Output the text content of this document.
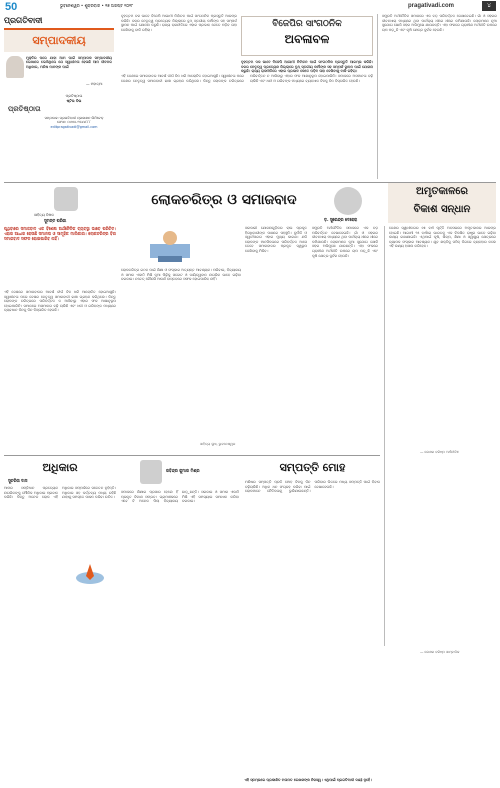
50	ଭୁବନେଶ୍ୱର • ଶୁକ୍ରବାର • ୧୭ ଅଗଷ୍ଟ ୨୦୧୮	pragativadi.com	୪
ପ୍ରଗତିବାଦୀ
ସମ୍ପାଦକୀୟ
ମୁକ୍ତିର ପରେ ଯାହା ଆମ ପାଇଁ ସମ୍ପାଦକ ସମ୍ପାଦକୀୟ ଲେଖାରେ ଲେଖିଥିଲେ ଯେ ସ୍ୱାଧୀନତା ହେଉଛି ଆମ ଜୀବନର ଅଧିକାର, ମଣିଷ ମାନଙ୍କ ପାଇଁ
— ମହାତ୍ମା
ପ୍ରତିଷ୍ଠାତା
ଷ୍ଟିଭ ଡିଭ
ପ୍ରତିଷ୍ଠାତା
ସମ୍ପାଦକ: ପ୍ରଗତିବାଦୀ ପ୍ରକାଶନ ଲିମିଟେଡ଼
ଫୋନ: ୦୬୭୪-୨୫୪୪୮୮୮
editpragativadi@gmail.com
ବୃହତ୍ତମ ଦଳ ଭାବେ ବିଜେପି ଆଗାମୀ ନିର୍ବାଚନ ପାଇଁ ସାଂଗଠନିକ ପ୍ରସ୍ତୁତି ଆରମ୍ଭ କରିଛି। ଦଳର ନେତୃତ୍ୱ ପ୍ରତ୍ୟେକ ଜିଲ୍ଲାରେ ବୁଥ୍ ସ୍ତରୀୟ କର୍ମୀଙ୍କ ସହ ସମ୍ପର୍କ ସ୍ଥାପନ ପାଇଁ ଯୋଜନା କରୁଛି। ରାଜ୍ୟ ରାଜନୀତିରେ ଏହାର ପ୍ରଭାବ କେତେ ପଡ଼ିବ ତାହା ଦେଖିବାକୁ ବାକି ରହିଲା।
ବିଜେପିର ସାଂଗଠନିକ
ଅବଳାବଳ
ବୃହତ୍ତମ ଦଳ ଭାବେ ବିଜେପି ଆଗାମୀ ନିର୍ବାଚନ ପାଇଁ ସାଂଗଠନିକ ପ୍ରସ୍ତୁତି ଆରମ୍ଭ କରିଛି। ଦଳର ନେତୃତ୍ୱ ପ୍ରତ୍ୟେକ ଜିଲ୍ଲାରେ ବୁଥ୍ ସ୍ତରୀୟ କର୍ମୀଙ୍କ ସହ ସମ୍ପର୍କ ସ୍ଥାପନ ପାଇଁ ଯୋଜନା କରୁଛି। ରାଜ୍ୟ ରାଜନୀତିରେ ଏହାର ପ୍ରଭାବ କେତେ ପଡ଼ିବ ତାହା ଦେଖିବାକୁ ବାକି ରହିଲା।
ଏହି ଦେଶରେ ସମାଜବାଦର ଆଦର୍ଶ ଦୀର୍ଘ ଦିନ ଧରି ଆଲୋଚିତ ହୋଇଆସୁଛି। ସ୍ୱାଧୀନତା ପରେ ଦେଶର ନେତୃତ୍ୱ ସମାଜବାଦୀ ଢାଞ୍ଚା ଗ୍ରହଣ କରିଥିଲେ। କିନ୍ତୁ ଲୋକଙ୍କ ଚରିତ୍ରରେ ପରିବର୍ତ୍ତନ ନ ଆସିବାରୁ ଏହାର ଫଳ ଆଶାନୁରୂପ ହୋଇପାରିନି। ସମାଜରେ ଅସମାନତା ବଢ଼ି ଚାଲିଛି ଏବଂ ଧନୀ ଓ ଗରିବଙ୍କ ମଧ୍ୟରେ ବ୍ୟବଧାନ ଦିନକୁ ଦିନ ବିସ୍ତାରିତ ହେଉଛି।
ସମ୍ପ୍ରତି ଅର୍ଥନୈତିକ ସମାଜରେ ଏକ ବଡ଼ ପରିବର୍ତ୍ତନ ଦେଖାଦେଇଛି। ଗାଁ ଓ ସହରର ଜୀବନଧାରା ମଧ୍ୟରେ ଥିବା ପାର୍ଥକ୍ୟ ଧୀରେ ଧୀରେ କମିଯାଉଛି। ଲୋକମାନେ ନୂଆ ସୁଯୋଗ ଖୋଜି ସହର ଅଭିମୁଖେ ଯାଉଛନ୍ତି। ଏହା ଫଳରେ ଗ୍ରାମୀଣ ଅର୍ଥନୀତି ଉପରେ ଚାପ ପଡ଼ୁଛି ଏବଂ କୃଷି କ୍ଷେତ୍ର ଦୁର୍ବଳ ହେଉଛି।
ସାହିତ୍ୟ ବିଜ୍ଞାନ
ସୁମନ୍ତ ପରିଜା
ଲୋକଚରିତ୍ର ଓ ସମାଜବାଦ
ଡ଼. ସୁରେନ୍ଦ୍ର ଦେହେରା
ଅମୃତକାଳରେ
ବିକାଶ ସନ୍ଧାନ
ପୃଥିବୀରେ ସମାଜବାଦ ଏକ ବିଶେଷ ଅର୍ଥନୈତିକ ବ୍ୟବସ୍ଥା ଭାବେ ପରିଚିତ। ଏହାର ଆଧାର ହେଉଛି ସମାନତା ଓ ସାମୂହିକ ମାଲିକାନା। ଲୋକଚରିତ୍ର ବିନା ସମାଜବାଦ ସଫଳ ହୋଇପାରିବ ନାହିଁ।
ଏହି ଦେଶରେ ସମାଜବାଦର ଆଦର୍ଶ ଦୀର୍ଘ ଦିନ ଧରି ଆଲୋଚିତ ହୋଇଆସୁଛି। ସ୍ୱାଧୀନତା ପରେ ଦେଶର ନେତୃତ୍ୱ ସମାଜବାଦୀ ଢାଞ୍ଚା ଗ୍ରହଣ କରିଥିଲେ। କିନ୍ତୁ ଲୋକଙ୍କ ଚରିତ୍ରରେ ପରିବର୍ତ୍ତନ ନ ଆସିବାରୁ ଏହାର ଫଳ ଆଶାନୁରୂପ ହୋଇପାରିନି। ସମାଜରେ ଅସମାନତା ବଢ଼ି ଚାଲିଛି ଏବଂ ଧନୀ ଓ ଗରିବଙ୍କ ମଧ୍ୟରେ ବ୍ୟବଧାନ ଦିନକୁ ଦିନ ବିସ୍ତାରିତ ହେଉଛି।
ଲୋକଚରିତ୍ର ଗଠନ ପାଇଁ ଶିକ୍ଷା ଓ ସଂସ୍କାର ଅତ୍ୟନ୍ତ ଆବଶ୍ୟକ। ପରିବାର, ବିଦ୍ୟାଳୟ ଓ ସମାଜ ଏକାଠି ମିଶି ନୂଆ ପିଢ଼ିକୁ ସଚ୍ଚୋଟ ଓ ଦାୟିତ୍ୱବାନ ନାଗରିକ ଭାବେ ଗଢ଼ିବା ଦରକାର। ନଚେତ୍ କୌଣସି ଆଦର୍ଶ ବାସ୍ତବରେ ସଫଳ ହୋଇପାରିବ ନାହିଁ।
ସରକାରୀ ଯୋଜନାଗୁଡ଼ିକର ଲାଭ ପ୍ରକୃତ ହିତାଧିକାରୀଙ୍କ ପାଖରେ ପହଞ୍ଚୁନି। ଦୁର୍ନୀତି ଓ ସ୍ୱାର୍ଥପରତା ଏହାର ମୁଖ୍ୟ କାରଣ। ଯଦି ଲୋକଙ୍କ ମାନସିକତାରେ ପରିବର୍ତ୍ତନ ଆସେ ତେବେ ସମାଜବାଦର ପ୍ରକୃତ ସ୍ୱରୂପ ଦେଖିବାକୁ ମିଳିବ।
ସାହିତ୍ୟ ସୁଧା, ଭୁବନେଶ୍ୱର
ସମ୍ପ୍ରତି ଅର୍ଥନୈତିକ ସମାଜରେ ଏକ ବଡ଼ ପରିବର୍ତ୍ତନ ଦେଖାଦେଇଛି। ଗାଁ ଓ ସହରର ଜୀବନଧାରା ମଧ୍ୟରେ ଥିବା ପାର୍ଥକ୍ୟ ଧୀରେ ଧୀରେ କମିଯାଉଛି। ଲୋକମାନେ ନୂଆ ସୁଯୋଗ ଖୋଜି ସହର ଅଭିମୁଖେ ଯାଉଛନ୍ତି। ଏହା ଫଳରେ ଗ୍ରାମୀଣ ଅର୍ଥନୀତି ଉପରେ ଚାପ ପଡ଼ୁଛି ଏବଂ କୃଷି କ୍ଷେତ୍ର ଦୁର୍ବଳ ହେଉଛି।
ଦେଶର ସ୍ୱାଧୀନତାର ୭୫ ବର୍ଷ ପୂର୍ତ୍ତି ଅବସରରେ ଅମୃତକାଳର ଆରମ୍ଭ ହୋଇଛି। ଆଗାମୀ ୨୫ ବର୍ଷରେ ଭାରତକୁ ଏକ ବିକଶିତ ରାଷ୍ଟ୍ର ଭାବେ ଗଢ଼ିବା ଲକ୍ଷ୍ୟ ରଖାଯାଇଛି। ଏଥିପାଇଁ କୃଷି, ଶିଳ୍ପ, ଶିକ୍ଷା ଓ ସ୍ୱାସ୍ଥ୍ୟ କ୍ଷେତ୍ରରେ ବ୍ୟାପକ ସଂସ୍କାର ଆବଶ୍ୟକ। ଯୁବ ଶକ୍ତିକୁ ସଠିକ୍ ଦିଗରେ ବ୍ୟବହାର କଲେ ଏହି ଲକ୍ଷ୍ୟ ହାସଲ କରିହେବ।
— ଲେଖକ ବରିଷ୍ଠ ଅର୍ଥନୀତିଜ୍ଞ
ଅଧିକାର
ସୁଚରିତା ଦାସ
ଆମର ସମ୍ବିଧାନ ପ୍ରତ୍ୟେକ ନାଗରିକଙ୍କୁ ମୌଳିକ ଅଧିକାର ପ୍ରଦାନ କରିଛି। କିନ୍ତୁ ଅନେକ ଲୋକ ଏହି ଅଧିକାର ସମ୍ପର୍କରେ ସଚେତନ ନୁହଁନ୍ତି। ଅଧିକାର ସହ କର୍ତ୍ତବ୍ୟ ମଧ୍ୟ ରହିଛି ଯାହାକୁ ସମସ୍ତେ ପାଳନ କରିବା ଉଚିତ।
ରବିନ୍ଦ୍ର କୁମାର ମିଶ୍ର
ସମାଜରେ ଶିକ୍ଷାର ପ୍ରସାର ହେଲେ ହିଁ ପ୍ରକୃତ ବିକାଶ ସମ୍ଭବ। ଗ୍ରାମାଞ୍ଚଳରେ ଏବେ ବି ଅନେକ ପିଲା ବିଦ୍ୟାଳୟ ଛାଡ଼ୁଛନ୍ତି। ସରକାର ଓ ସମାଜ ଏକାଠି ମିଶି ଏହି ସମସ୍ୟାର ସମାଧାନ କରିବା ଦରକାର।
ସମ୍ପତ୍ତି ମୋହ
ମଣିଷର ସମ୍ପତ୍ତି ପ୍ରତି ମୋହ ଦିନକୁ ଦିନ ବଢ଼ିଚାଲିଛି। ଅଧିକ ଧନ ସଂଗ୍ରହ କରିବା ପାଇଁ ଲୋକମାନେ ନୈତିକତାକୁ ଭୁଲିଯାଉଛନ୍ତି। ପରିବାର ଭିତରେ ମଧ୍ୟ ସମ୍ପତ୍ତି ପାଇଁ ବିବାଦ ଦେଖାଦେଉଛି।
— ଲେଖକ ବରିଷ୍ଠ ସାମ୍ବାଦିକ
ଏହି ସ୍ତମ୍ଭରେ ପ୍ରକାଶିତ ମତାମତ ଲେଖକଙ୍କ ନିଜସ୍ୱ। ଏଥିପାଇଁ ପ୍ରଗତିବାଦୀ ଦାୟୀ ନୁହେଁ।
